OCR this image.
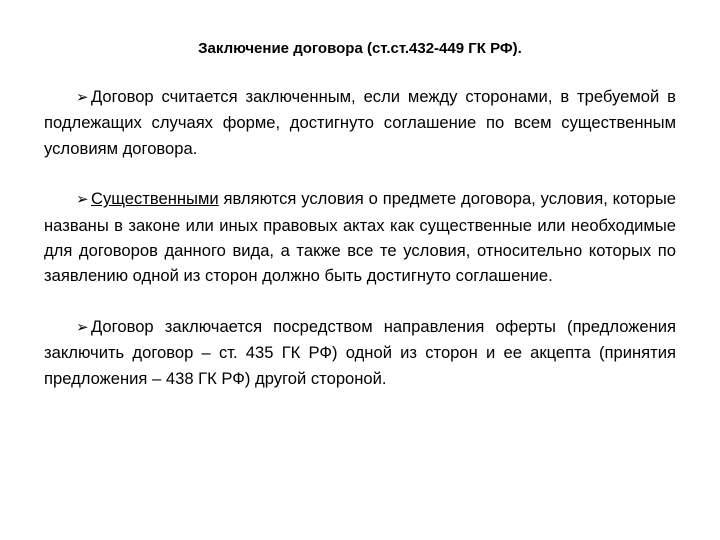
Заключение договора (ст.ст.432-449 ГК РФ).

➢ Договор считается заключенным, если между сторонами, в требуемой в подлежащих случаях форме, достигнуто соглашение по всем существенным условиям договора.

➢ Существенными являются условия о предмете договора, условия, которые названы в законе или иных правовых актах как существенные или необходимые для договоров данного вида, а также все те условия, относительно которых по заявлению одной из сторон должно быть достигнуто соглашение.

➢ Договор заключается посредством направления оферты (предложения заключить договор – ст. 435 ГК РФ) одной из сторон и ее акцепта (принятия предложения – 438 ГК РФ) другой стороной.
